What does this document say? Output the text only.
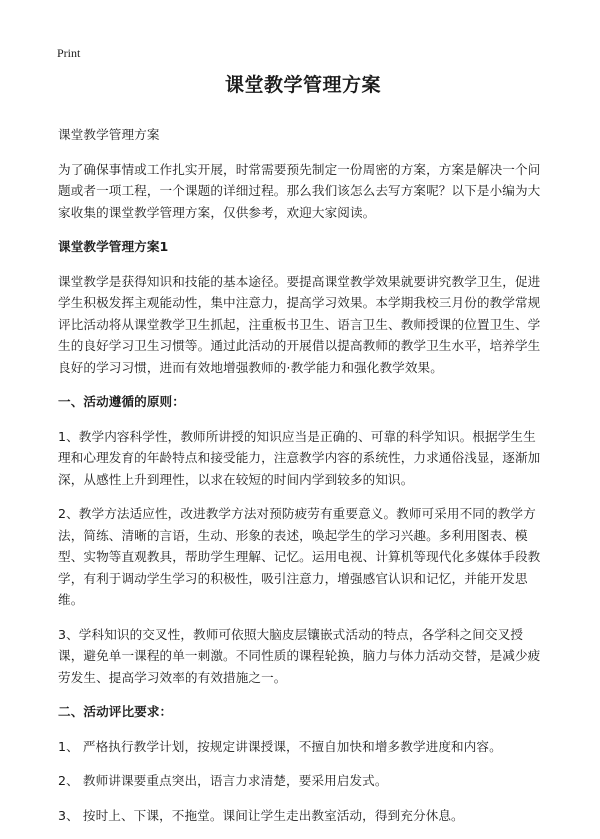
Print
课堂教学管理方案

课堂教学管理方案

为了确保事情或工作扎实开展，时常需要预先制定一份周密的方案，方案是解决一个问题或者一项工程，一个课题的详细过程。那么我们该怎么去写方案呢？以下是小编为大家收集的课堂教学管理方案，仅供参考，欢迎大家阅读。

课堂教学管理方案1

课堂教学是获得知识和技能的基本途径。要提高课堂教学效果就要讲究教学卫生，促进学生积极发挥主观能动性，集中注意力，提高学习效果。本学期我校三月份的教学常规评比活动将从课堂教学卫生抓起，注重板书卫生、语言卫生、教师授课的位置卫生、学生的良好学习卫生习惯等。通过此活动的开展借以提高教师的教学卫生水平，培养学生良好的学习习惯，进而有效地增强教师的·教学能力和强化教学效果。

一、活动遵循的原则：

1、教学内容科学性，教师所讲授的知识应当是正确的、可靠的科学知识。根据学生生理和心理发育的年龄特点和接受能力，注意教学内容的系统性，力求通俗浅显，逐渐加深，从感性上升到理性，以求在较短的时间内学到较多的知识。

2、教学方法适应性，改进教学方法对预防疲劳有重要意义。教师可采用不同的教学方法，简练、清晰的言语，生动、形象的表述，唤起学生的学习兴趣。多利用图表、模型、实物等直观教具，帮助学生理解、记忆。运用电视、计算机等现代化多媒体手段教学，有利于调动学生学习的积极性，吸引注意力，增强感官认识和记忆，并能开发思维。

3、学科知识的交叉性，教师可依照大脑皮层镶嵌式活动的特点，各学科之间交叉授课，避免单一课程的单一刺激。不同性质的课程轮换，脑力与体力活动交替，是减少疲劳发生、提高学习效率的有效措施之一。

二、活动评比要求：

1、 严格执行教学计划，按规定讲课授课，不擅自加快和增多教学进度和内容。

2、 教师讲课要重点突出，语言力求清楚，要采用启发式。

3、 按时上、下课，不拖堂。课间让学生走出教室活动，得到充分休息。
